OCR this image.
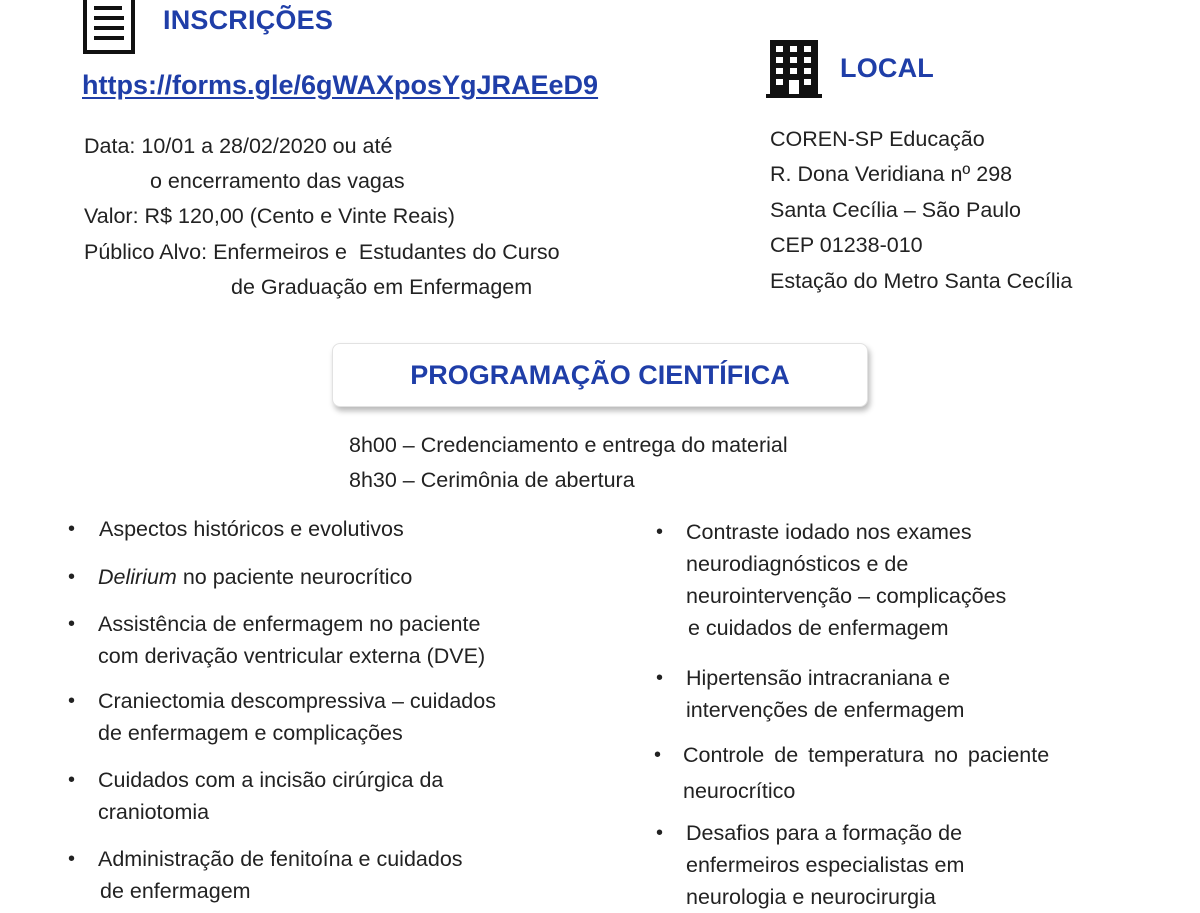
INSCRIÇÕES
https://forms.gle/6gWAXposYgJRAEeD9
Data: 10/01 a 28/02/2020 ou até
o encerramento das vagas
Valor: R$ 120,00 (Cento e Vinte Reais)
Público Alvo: Enfermeiros e  Estudantes do Curso
de Graduação em Enfermagem
LOCAL
COREN-SP Educação
R. Dona Veridiana nº 298
Santa Cecília – São Paulo
CEP 01238-010
Estação do Metro Santa Cecília
PROGRAMAÇÃO CIENTÍFICA
8h00 – Credenciamento e entrega do material
8h30 – Cerimônia de abertura
• Aspectos históricos e evolutivos
• Delirium no paciente neurocrítico
• Assistência de enfermagem no paciente
com derivação ventricular externa (DVE)
• Craniectomia descompressiva – cuidados
de enfermagem e complicações
• Cuidados com a incisão cirúrgica da
craniotomia
• Administração de fenitoína e cuidados
de enfermagem
• Contraste iodado nos exames
neurodiagnósticos e de
neurointervenção – complicações
e cuidados de enfermagem
• Hipertensão intracraniana e
intervenções de enfermagem
• Controle de temperatura no paciente
neurocrítico
• Desafios para a formação de
enfermeiros especialistas em
neurologia e neurocirurgia
